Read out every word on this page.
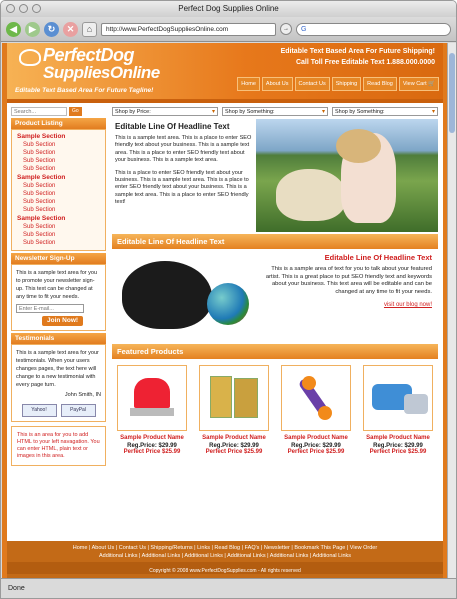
Perfect Dog Supplies Online
◀	▶	↻	✕	⌂	http://www.PerfectDogSuppliesOnline.com	→	G
PerfectDog
SuppliesOnline
Editable Text Based Area For Future Tagline!
Editable Text Based Area For Future Shipping!
Call Toll Free Editable Text 1.888.000.0000
Home	About Us	Contact Us	Shipping	Read Blog	View Cart 🛒
Search...
Go
Product Listing
Sample Section
Sub Section
Sub Section
Sub Section
Sub Section
Sample Section
Sub Section
Sub Section
Sub Section
Sub Section
Sample Section
Sub Section
Sub Section
Sub Section
Newsletter Sign-Up
This is a sample text area for you to promote your newsletter sign-up. This text can be changed at any time to fit your needs.
Enter E-mail... Join Now!
Testimonials
This is a sample text area for your testimonials. When your users changes pages, the text here will change to a new testimonial with every page turn.
John Smith, IN
Yahoo!	PayPal
This is an area for you to add HTML to your left navagation. You can enter HTML, plain text or images in this area.
Shop by Price: ▾	Shop by Something: ▾	Shop by Something: ▾
Editable Line Of Headline Text
This is a sample text area. This is a place to enter SEO friendly text about your business. This is a sample text area. This is a place to enter SEO friendly text about your business. This is a sample text area.
This is a place to enter SEO friendly text about your business. This is a sample text area. This is a place to enter SEO friendly text about your business. This is a sample text area. This is a place to enter SEO friendly text!
Editable Line Of Headline Text
Editable Line Of Headline Text
This is a sample area of text for you to talk about your featured artist. This is a great place to put SEO friendly text and keywords about your business. This text area will be editable and can be changed at any time to fit your needs.
visit our blog now!
Featured Products
Sample Product Name
Reg.Price: $29.99
Perfect Price $25.99
Sample Product Name
Reg.Price: $29.99
Perfect Price $25.99
Sample Product Name
Reg.Price: $29.99
Perfect Price $25.99
Sample Product Name
Reg.Price: $29.99
Perfect Price $25.99
Home | About Us | Contact Us | Shipping/Returns | Links | Read Blog | FAQ's | Newsletter | Bookmark This Page | View Order
Additional Links | Additional Links | Additional Links | Additional Links | Additional Links | Additional Links
Copyright © 2008 www.PerfectDogSupplies.com - All rights reserved
Done
